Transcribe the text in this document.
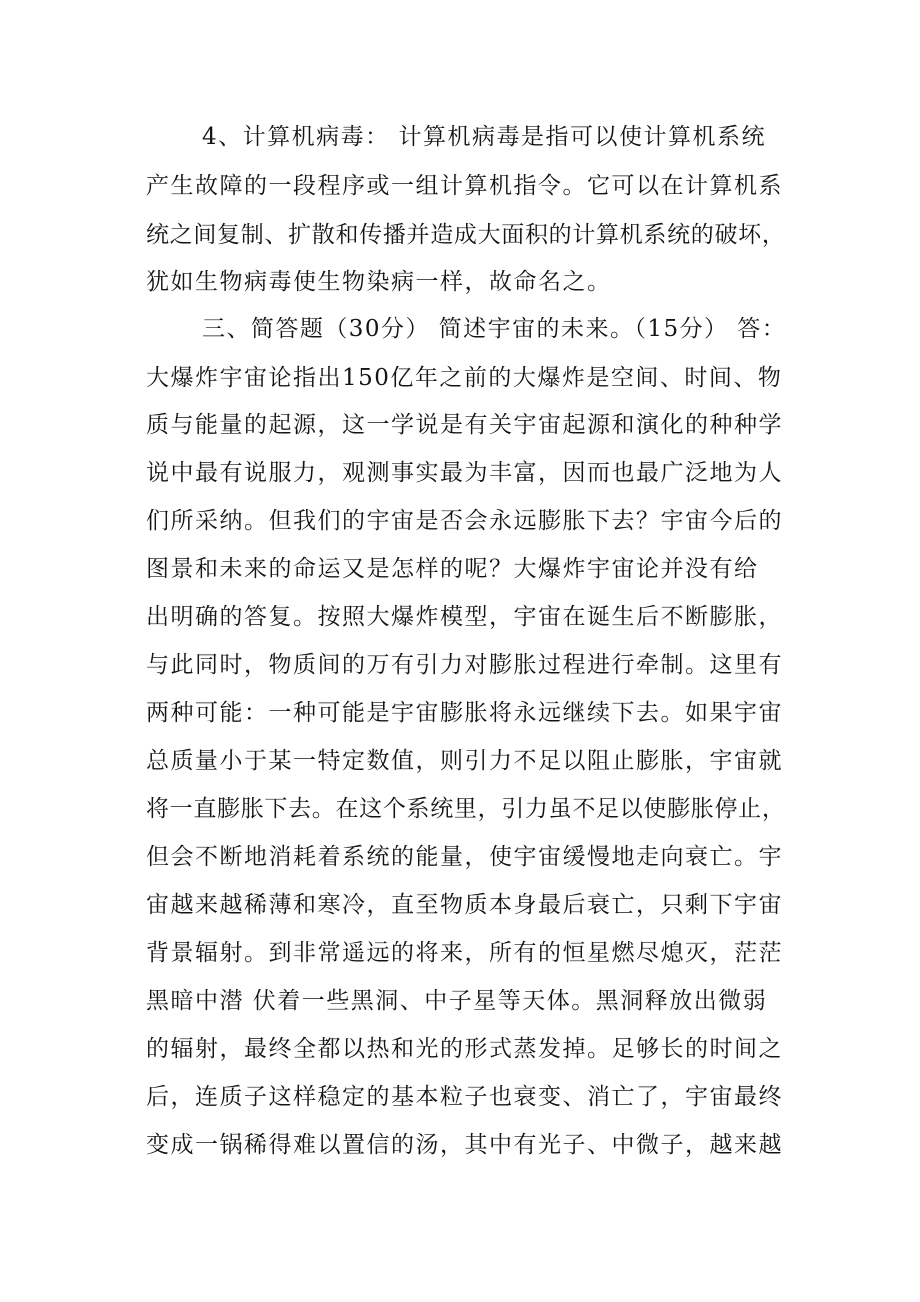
4、计算机病毒： 计算机病毒是指可以使计算机系统
产生故障的一段程序或一组计算机指令。它可以在计算机系
统之间复制、扩散和传播并造成大面积的计算机系统的破坏，
犹如生物病毒使生物染病一样，故命名之。
三、简答题（30分） 简述宇宙的未来。（15分） 答：
大爆炸宇宙论指出150亿年之前的大爆炸是空间、时间、物
质与能量的起源，这一学说是有关宇宙起源和演化的种种学
说中最有说服力，观测事实最为丰富，因而也最广泛地为人
们所采纳。但我们的宇宙是否会永远膨胀下去？宇宙今后的
图景和未来的命运又是怎样的呢？大爆炸宇宙论并没有给
出明确的答复。按照大爆炸模型，宇宙在诞生后不断膨胀，
与此同时，物质间的万有引力对膨胀过程进行牵制。这里有
两种可能：一种可能是宇宙膨胀将永远继续下去。如果宇宙
总质量小于某一特定数值，则引力不足以阻止膨胀，宇宙就
将一直膨胀下去。在这个系统里，引力虽不足以使膨胀停止，
但会不断地消耗着系统的能量，使宇宙缓慢地走向衰亡。宇
宙越来越稀薄和寒冷，直至物质本身最后衰亡，只剩下宇宙
背景辐射。到非常遥远的将来，所有的恒星燃尽熄灭，茫茫
黑暗中潜 伏着一些黑洞、中子星等天体。黑洞释放出微弱
的辐射，最终全都以热和光的形式蒸发掉。足够长的时间之
后，连质子这样稳定的基本粒子也衰变、消亡了，宇宙最终
变成一锅稀得难以置信的汤，其中有光子、中微子，越来越
